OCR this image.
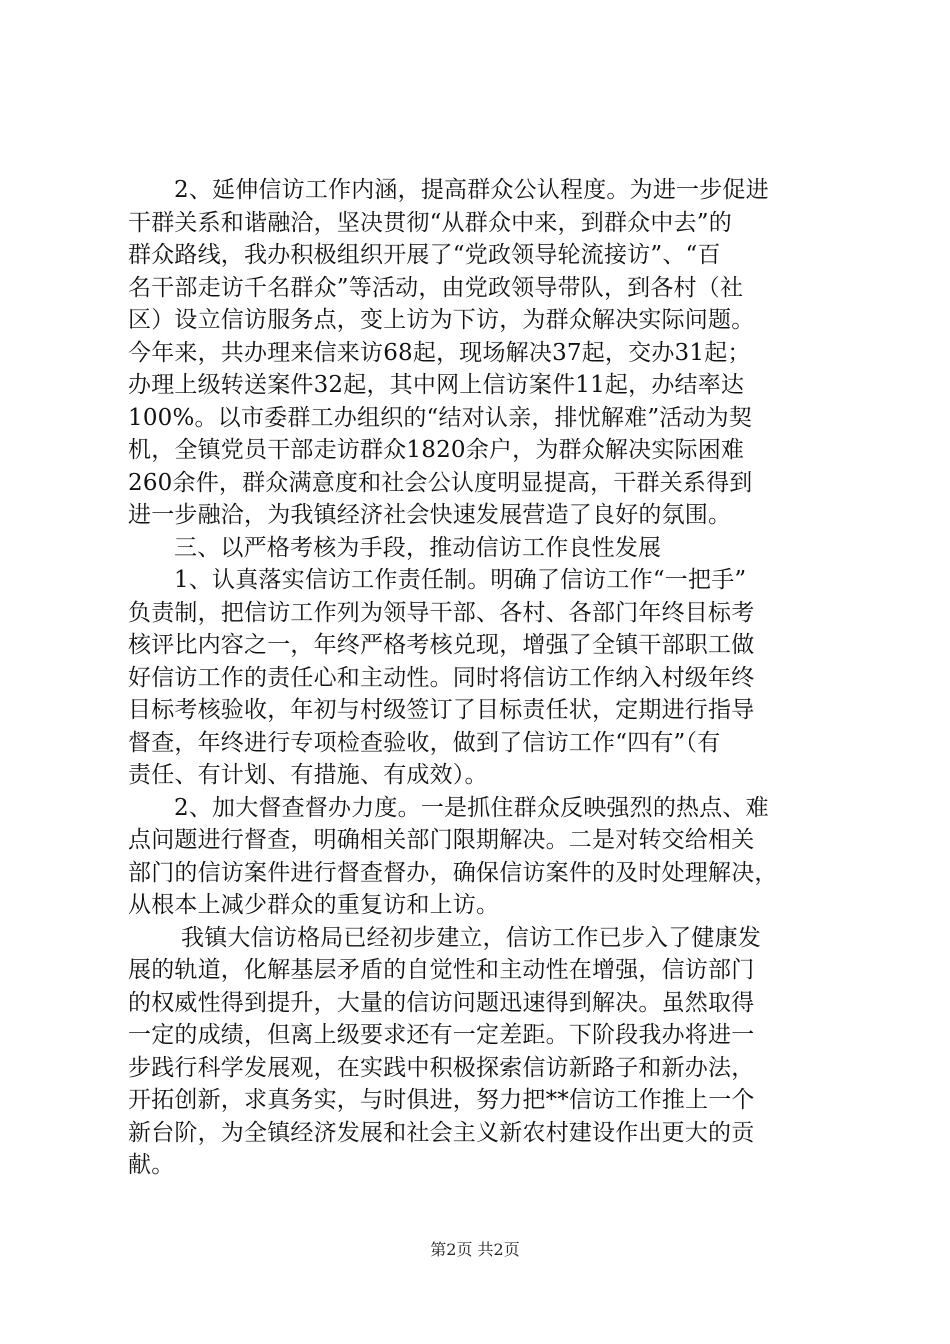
2、延伸信访工作内涵，提高群众公认程度。为进一步促进
干群关系和谐融洽，坚决贯彻“从群众中来，到群众中去”的
群众路线，我办积极组织开展了“党政领导轮流接访”、“百
名干部走访千名群众”等活动，由党政领导带队，到各村（社
区）设立信访服务点，变上访为下访，为群众解决实际问题。
今年来，共办理来信来访68起，现场解决37起，交办31起；
办理上级转送案件32起，其中网上信访案件11起，办结率达
100%。以市委群工办组织的“结对认亲，排忧解难”活动为契
机，全镇党员干部走访群众1820余户，为群众解决实际困难
260余件，群众满意度和社会公认度明显提高，干群关系得到
进一步融洽，为我镇经济社会快速发展营造了良好的氛围。
三、以严格考核为手段，推动信访工作良性发展
1、认真落实信访工作责任制。明确了信访工作“一把手”
负责制，把信访工作列为领导干部、各村、各部门年终目标考
核评比内容之一，年终严格考核兑现，增强了全镇干部职工做
好信访工作的责任心和主动性。同时将信访工作纳入村级年终
目标考核验收，年初与村级签订了目标责任状，定期进行指导
督查，年终进行专项检查验收，做到了信访工作“四有”（有
责任、有计划、有措施、有成效）。
2、加大督查督办力度。一是抓住群众反映强烈的热点、难
点问题进行督查，明确相关部门限期解决。二是对转交给相关
部门的信访案件进行督查督办，确保信访案件的及时处理解决，
从根本上减少群众的重复访和上访。
我镇大信访格局已经初步建立，信访工作已步入了健康发
展的轨道，化解基层矛盾的自觉性和主动性在增强，信访部门
的权威性得到提升，大量的信访问题迅速得到解决。虽然取得
一定的成绩，但离上级要求还有一定差距。下阶段我办将进一
步践行科学发展观，在实践中积极探索信访新路子和新办法，
开拓创新，求真务实，与时俱进，努力把**信访工作推上一个
新台阶，为全镇经济发展和社会主义新农村建设作出更大的贡
献。
第2页 共2页
